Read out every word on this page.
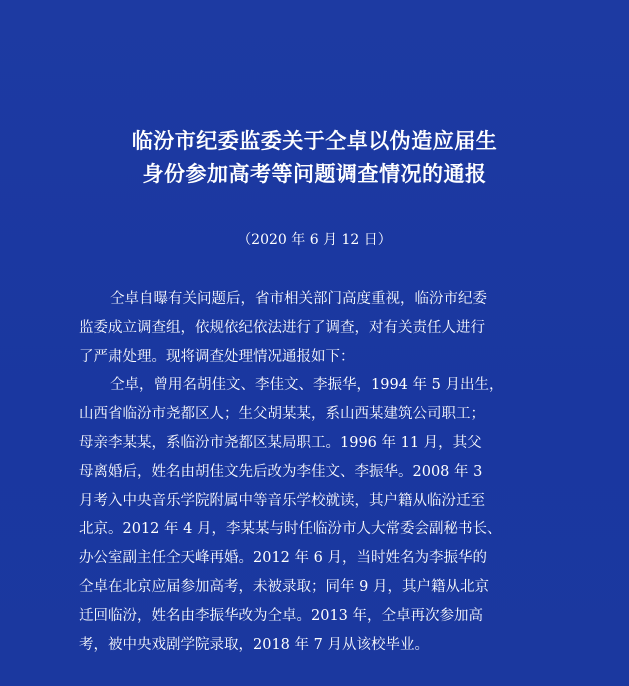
临汾市纪委监委关于仝卓以伪造应届生
身份参加高考等问题调查情况的通报
（2020 年 6 月 12 日）
仝卓自曝有关问题后，省市相关部门高度重视，临汾市纪委
监委成立调查组，依规依纪依法进行了调查，对有关责任人进行
了严肃处理。现将调查处理情况通报如下：
仝卓，曾用名胡佳文、李佳文、李振华，1994 年 5 月出生，
山西省临汾市尧都区人；生父胡某某，系山西某建筑公司职工；
母亲李某某，系临汾市尧都区某局职工。1996 年 11 月，其父
母离婚后，姓名由胡佳文先后改为李佳文、李振华。2008 年 3
月考入中央音乐学院附属中等音乐学校就读，其户籍从临汾迁至
北京。2012 年 4 月，李某某与时任临汾市人大常委会副秘书长、
办公室副主任仝天峰再婚。2012 年 6 月，当时姓名为李振华的
仝卓在北京应届参加高考，未被录取；同年 9 月，其户籍从北京
迁回临汾，姓名由李振华改为仝卓。2013 年，仝卓再次参加高
考，被中央戏剧学院录取，2018 年 7 月从该校毕业。
